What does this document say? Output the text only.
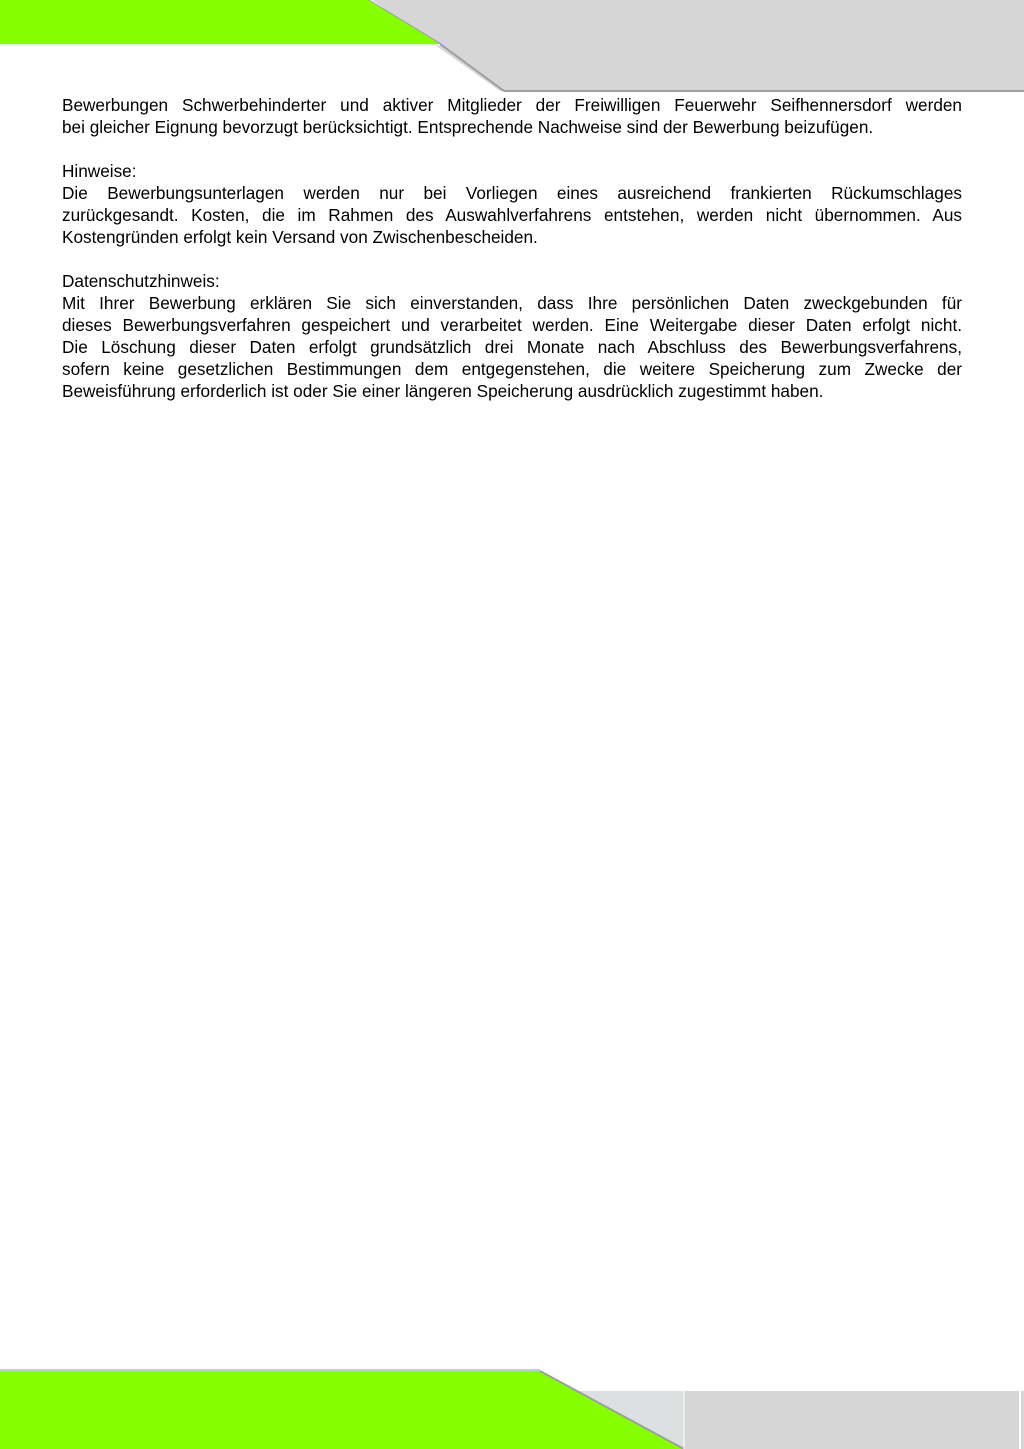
Bewerbungen Schwerbehinderter und aktiver Mitglieder der Freiwilligen Feuerwehr Seifhennersdorf werden
bei gleicher Eignung bevorzugt berücksichtigt. Entsprechende Nachweise sind der Bewerbung beizufügen.
Hinweise:
Die Bewerbungsunterlagen werden nur bei Vorliegen eines ausreichend frankierten Rückumschlages
zurückgesandt. Kosten, die im Rahmen des Auswahlverfahrens entstehen, werden nicht übernommen. Aus
Kostengründen erfolgt kein Versand von Zwischenbescheiden.
Datenschutzhinweis:
Mit Ihrer Bewerbung erklären Sie sich einverstanden, dass Ihre persönlichen Daten zweckgebunden für
dieses Bewerbungsverfahren gespeichert und verarbeitet werden. Eine Weitergabe dieser Daten erfolgt nicht.
Die Löschung dieser Daten erfolgt grundsätzlich drei Monate nach Abschluss des Bewerbungsverfahrens,
sofern keine gesetzlichen Bestimmungen dem entgegenstehen, die weitere Speicherung zum Zwecke der
Beweisführung erforderlich ist oder Sie einer längeren Speicherung ausdrücklich zugestimmt haben.
